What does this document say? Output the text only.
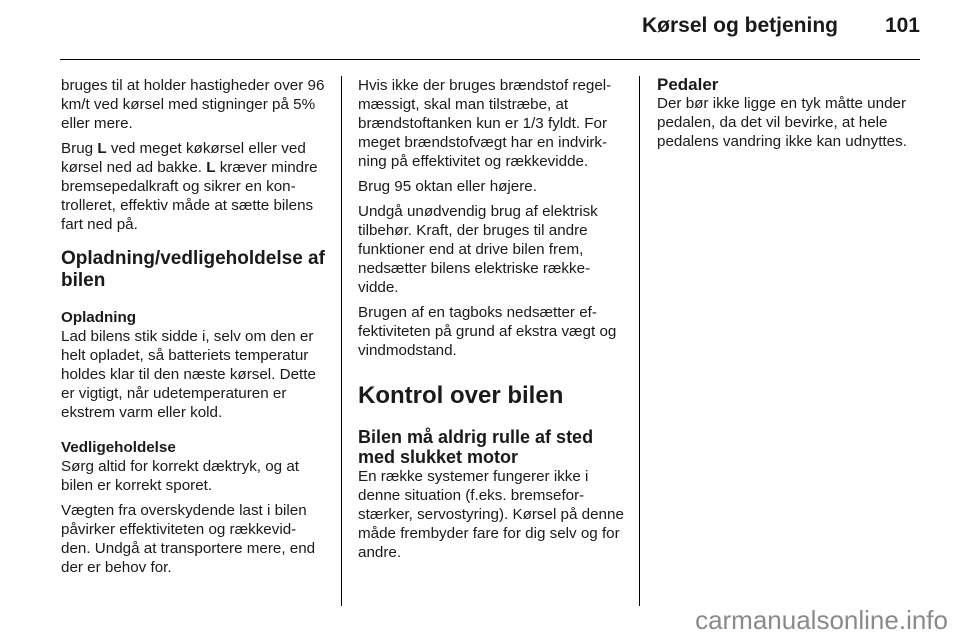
Kørsel og betjening 101

bruges til at holder hastigheder over 96 km/t ved kørsel med stigninger på 5% eller mere.

Brug L ved meget køkørsel eller ved kørsel ned ad bakke. L kræver mindre bremsepedalkraft og sikrer en kon-trolleret, effektiv måde at sætte bilens fart ned på.

Opladning/vedligeholdelse af bilen
Opladning

Lad bilens stik sidde i, selv om den er helt opladet, så batteriets temperatur holdes klar til den næste kørsel. Dette er vigtigt, når udetemperaturen er ekstrem varm eller kold.

Vedligeholdelse

Sørg altid for korrekt dæktryk, og at bilen er korrekt sporet.

Vægten fra overskydende last i bilen påvirker effektiviteten og rækkevid-den. Undgå at transportere mere, end der er behov for.

Hvis ikke der bruges brændstof regel-mæssigt, skal man tilstræbe, at brændstoftanken kun er 1/3 fyldt. For meget brændstofvægt har en indvirk-ning på effektivitet og rækkevidde.

Brug 95 oktan eller højere.

Undgå unødvendig brug af elektrisk tilbehør. Kraft, der bruges til andre funktioner end at drive bilen frem, nedsætter bilens elektriske række-vidde.

Brugen af en tagboks nedsætter ef-fektiviteten på grund af ekstra vægt og vindmodstand.

Kontrol over bilen
Bilen må aldrig rulle af sted med slukket motor

En række systemer fungerer ikke i denne situation (f.eks. bremsefor-stærker, servostyring). Kørsel på denne måde frembyder fare for dig selv og for andre.

Pedaler

Der bør ikke ligge en tyk måtte under pedalen, da det vil bevirke, at hele pedalens vandring ikke kan udnyttes.

carmanualsonline.info
